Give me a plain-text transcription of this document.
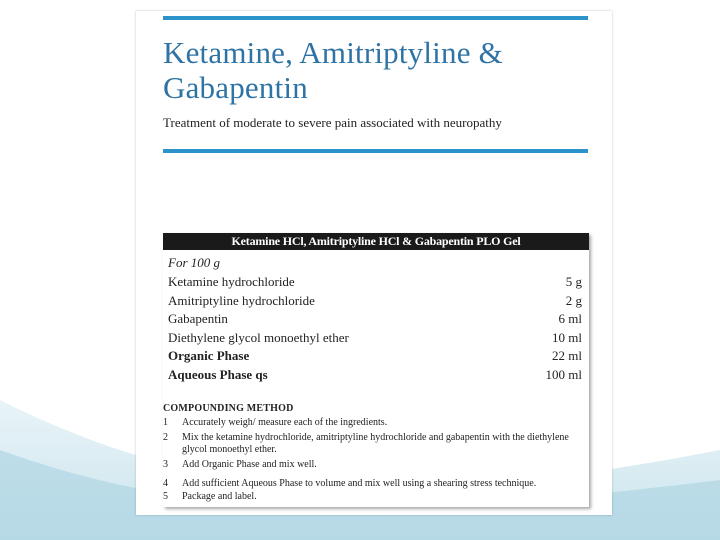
Ketamine, Amitriptyline & Gabapentin
Treatment of moderate to severe pain associated with neuropathy
Ketamine HCl, Amitriptyline HCl & Gabapentin PLO Gel
For 100 g
Ketamine hydrochloride	5 g
Amitriptyline hydrochloride	2 g
Gabapentin	6 ml
Diethylene glycol monoethyl ether	10 ml
Organic Phase	22 ml
Aqueous Phase qs	100 ml
COMPOUNDING METHOD
1 Accurately weigh/ measure each of the ingredients.
2 Mix the ketamine hydrochloride, amitriptyline hydrochloride and gabapentin with the diethylene glycol monoethyl ether.
3 Add Organic Phase and mix well.
4 Add sufficient Aqueous Phase to volume and mix well using a shearing stress technique.
5 Package and label.
